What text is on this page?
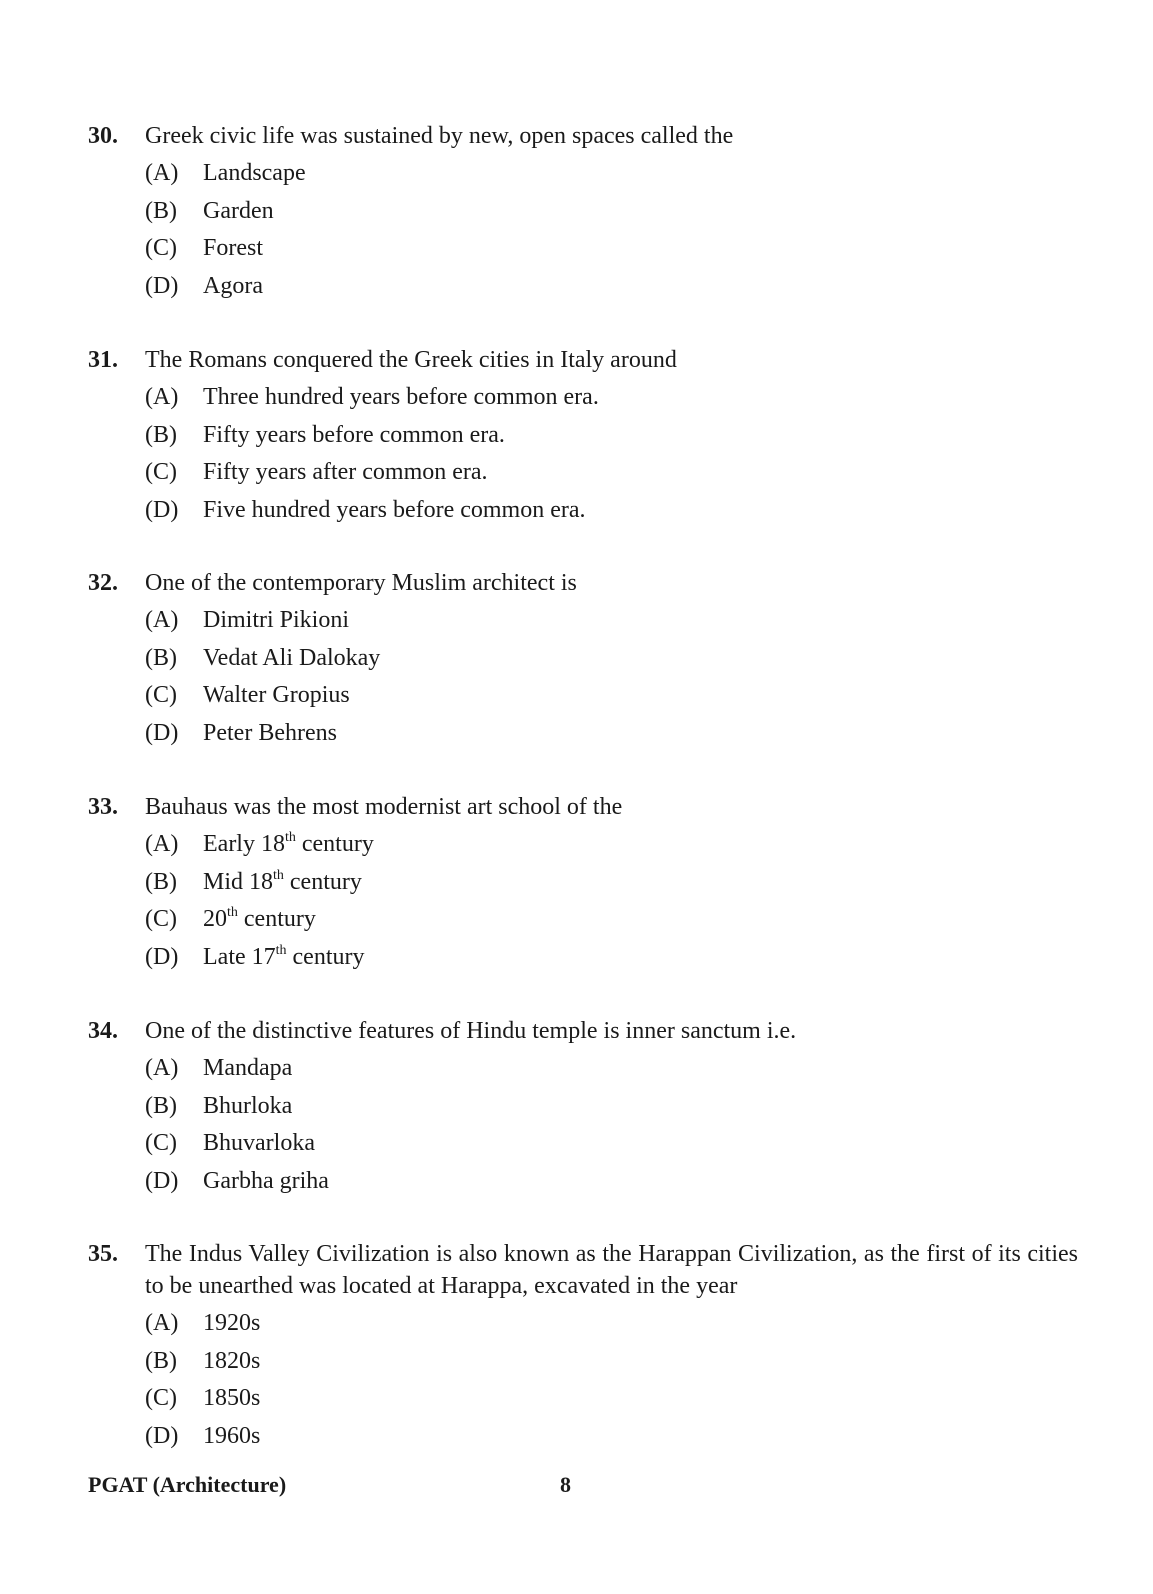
30. Greek civic life was sustained by new, open spaces called the
(A) Landscape
(B) Garden
(C) Forest
(D) Agora
31. The Romans conquered the Greek cities in Italy around
(A) Three hundred years before common era.
(B) Fifty years before common era.
(C) Fifty years after common era.
(D) Five hundred years before common era.
32. One of the contemporary Muslim architect is
(A) Dimitri Pikioni
(B) Vedat Ali Dalokay
(C) Walter Gropius
(D) Peter Behrens
33. Bauhaus was the most modernist art school of the
(A) Early 18th century
(B) Mid 18th century
(C) 20th century
(D) Late 17th century
34. One of the distinctive features of Hindu temple is inner sanctum i.e.
(A) Mandapa
(B) Bhurloka
(C) Bhuvarloka
(D) Garbha griha
35. The Indus Valley Civilization is also known as the Harappan Civilization, as the first of its cities to be unearthed was located at Harappa, excavated in the year
(A) 1920s
(B) 1820s
(C) 1850s
(D) 1960s
PGAT (Architecture)	8
